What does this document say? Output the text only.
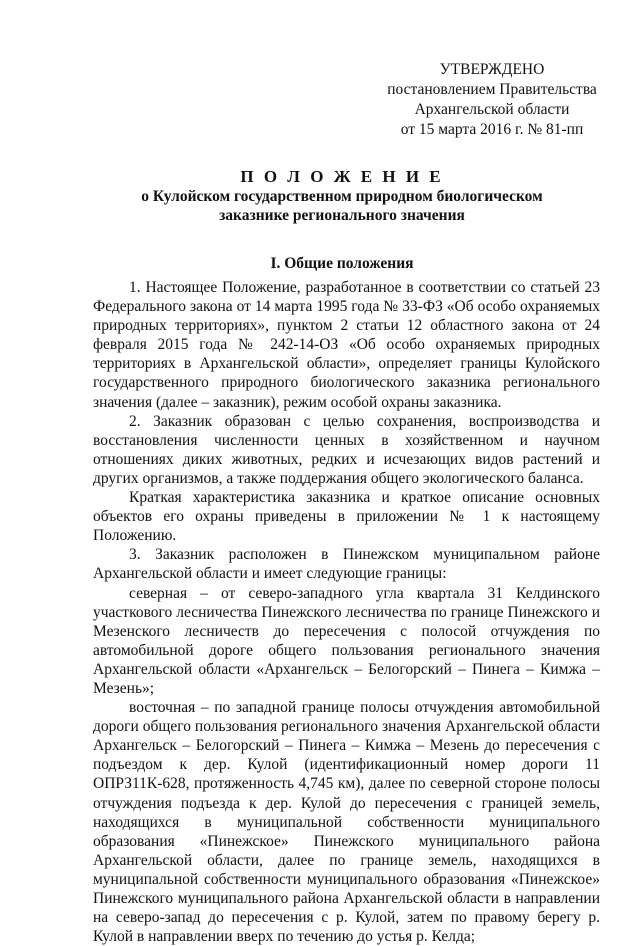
УТВЕРЖДЕНО
постановлением Правительства
Архангельской области
от 15 марта 2016 г. № 81-пп
П О Л О Ж Е Н И Е
о Кулойском государственном природном биологическом
заказнике регионального значения
I. Общие положения

1. Настоящее Положение, разработанное в соответствии со статьей 23 Федерального закона от 14 марта 1995 года № 33-ФЗ «Об особо охраняемых природных территориях», пунктом 2 статьи 12 областного закона от 24 февраля 2015 года № 242-14-ОЗ «Об особо охраняемых природных территориях в Архангельской области», определяет границы Кулойского государственного природного биологического заказника регионального значения (далее – заказник), режим особой охраны заказника.

2. Заказник образован с целью сохранения, воспроизводства и восстановления численности ценных в хозяйственном и научном отношениях диких животных, редких и исчезающих видов растений и других организмов, а также поддержания общего экологического баланса.

Краткая характеристика заказника и краткое описание основных объектов его охраны приведены в приложении № 1 к настоящему Положению.

3. Заказник расположен в Пинежском муниципальном районе Архангельской области и имеет следующие границы:

северная – от северо-западного угла квартала 31 Келдинского участкового лесничества Пинежского лесничества по границе Пинежского и Мезенского лесничеств до пересечения с полосой отчуждения по автомобильной дороге общего пользования регионального значения Архангельской области «Архангельск – Белогорский – Пинега – Кимжа – Мезень»;

восточная – по западной границе полосы отчуждения автомобильной дороги общего пользования регионального значения Архангельской области Архангельск – Белогорский – Пинега – Кимжа – Мезень до пересечения с подъездом к дер. Кулой (идентификационный номер дороги 11 ОПРЗ11К-628, протяженность 4,745 км), далее по северной стороне полосы отчуждения подъезда к дер. Кулой до пересечения с границей земель, находящихся в муниципальной собственности муниципального образования «Пинежское» Пинежского муниципального района Архангельской области, далее по границе земель, находящихся в муниципальной собственности муниципального образования «Пинежское» Пинежского муниципального района Архангельской области в направлении на северо-запад до пересечения с р. Кулой, затем по правому берегу р. Кулой в направлении вверх по течению до устья р. Келда;
